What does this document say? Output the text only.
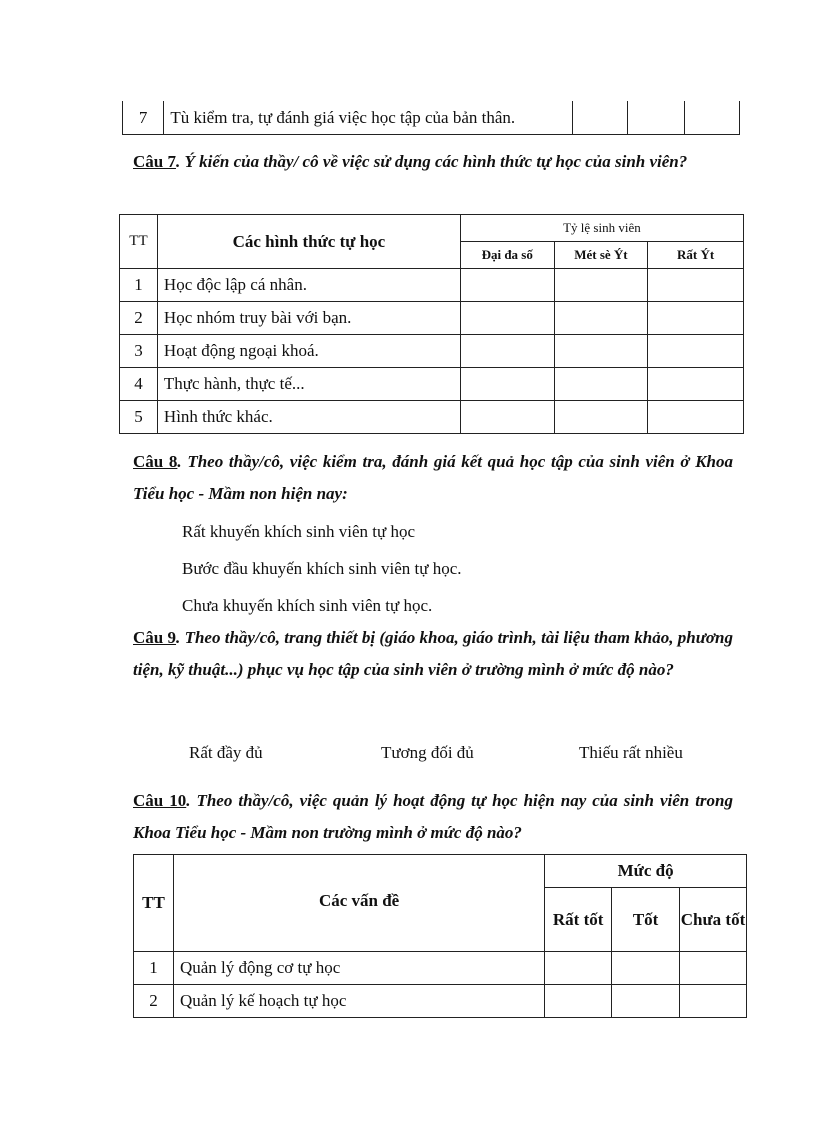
7	Tù kiểm tra, tự đánh giá việc học tập của bản thân.			
Câu 7. Ý kiến của thầy/ cô về việc sử dụng các hình thức tự học của sinh viên?
TT	Các hình thức tự học	Tỷ lệ sinh viên		
		Đại đa số	Mét sè Ýt	Rất Ýt
1	Học độc lập cá nhân.			
2	Học nhóm truy bài với bạn.			
3	Hoạt động ngoại khoá.			
4	Thực hành, thực tế...			
5	Hình thức khác.			
Câu 8. Theo thầy/cô, việc kiểm tra, đánh giá kết quả học tập của sinh viên ở Khoa Tiểu học - Mầm non hiện nay:
Rất khuyến khích sinh viên tự học
Bước đầu khuyến khích sinh viên tự học.
Chưa khuyến khích sinh viên tự học.
Câu 9. Theo thầy/cô, trang thiết bị (giáo khoa, giáo trình, tài liệu tham khảo, phương tiện, kỹ thuật...) phục vụ học tập của sinh viên ở trường mình ở mức độ nào?
Rất đầy đủ	Tương đối đủ	Thiếu rất nhiều
Câu 10. Theo thầy/cô, việc quản lý hoạt động tự học hiện nay của sinh viên trong Khoa Tiểu học - Mầm non trường mình ở mức độ nào?
TT	Các vấn đề	Mức độ		
		Rất tốt	Tốt	Chưa tốt
1	Quản lý động cơ tự học			
2	Quản lý kế hoạch tự học			
